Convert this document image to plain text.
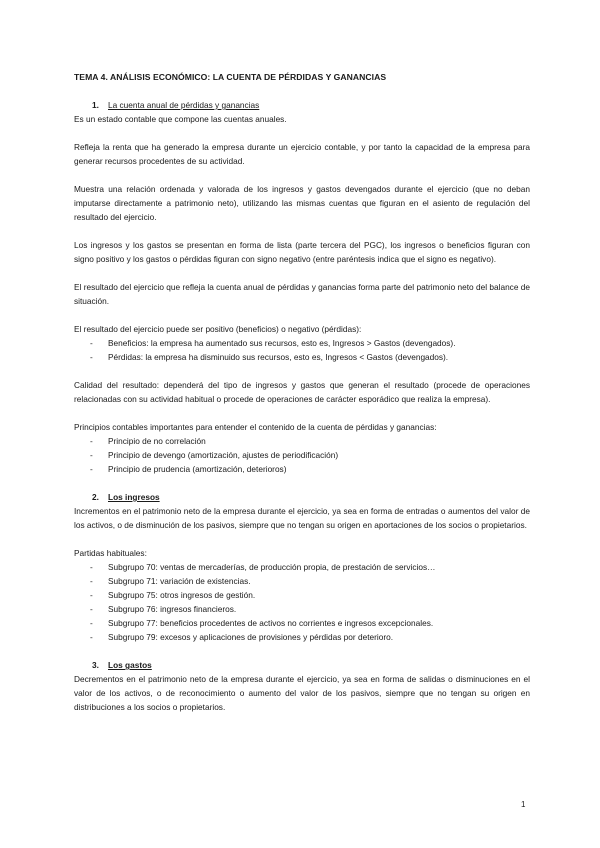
TEMA 4. ANÁLISIS ECONÓMICO: LA CUENTA DE PÉRDIDAS Y GANANCIAS
1.	La cuenta anual de pérdidas y ganancias

Es un estado contable que compone las cuentas anuales.

Refleja la renta que ha generado la empresa durante un ejercicio contable, y por tanto la capacidad de la empresa para generar recursos procedentes de su actividad.

Muestra una relación ordenada y valorada de los ingresos y gastos devengados durante el ejercicio (que no deban imputarse directamente a patrimonio neto), utilizando las mismas cuentas que figuran en el asiento de regulación del resultado del ejercicio.

Los ingresos y los gastos se presentan en forma de lista (parte tercera del PGC), los ingresos o beneficios figuran con signo positivo y los gastos o pérdidas figuran con signo negativo (entre paréntesis indica que el signo es negativo).

El resultado del ejercicio que refleja la cuenta anual de pérdidas y ganancias forma parte del patrimonio neto del balance de situación.

El resultado del ejercicio puede ser positivo (beneficios) o negativo (pérdidas):

-	Beneficios: la empresa ha aumentado sus recursos, esto es, Ingresos > Gastos (devengados).
-	Pérdidas: la empresa ha disminuido sus recursos, esto es, Ingresos < Gastos (devengados).

Calidad del resultado: dependerá del tipo de ingresos y gastos que generan el resultado (procede de operaciones relacionadas con su actividad habitual o procede de operaciones de carácter esporádico que realiza la empresa).

Principios contables importantes para entender el contenido de la cuenta de pérdidas y ganancias:

-	Principio de no correlación
-	Principio de devengo (amortización, ajustes de periodificación)
-	Principio de prudencia (amortización, deterioros)
2.	Los ingresos

Incrementos en el patrimonio neto de la empresa durante el ejercicio, ya sea en forma de entradas o aumentos del valor de los activos, o de disminución de los pasivos, siempre que no tengan su origen en aportaciones de los socios o propietarios.

Partidas habituales:

-	Subgrupo 70: ventas de mercaderías, de producción propia, de prestación de servicios…
-	Subgrupo 71: variación de existencias.
-	Subgrupo 75: otros ingresos de gestión.
-	Subgrupo 76: ingresos financieros.
-	Subgrupo 77: beneficios procedentes de activos no corrientes e ingresos excepcionales.
-	Subgrupo 79: excesos y aplicaciones de provisiones y pérdidas por deterioro.
3.	Los gastos

Decrementos en el patrimonio neto de la empresa durante el ejercicio, ya sea en forma de salidas o disminuciones en el valor de los activos, o de reconocimiento o aumento del valor de los pasivos, siempre que no tengan su origen en distribuciones a los socios o propietarios.

1
